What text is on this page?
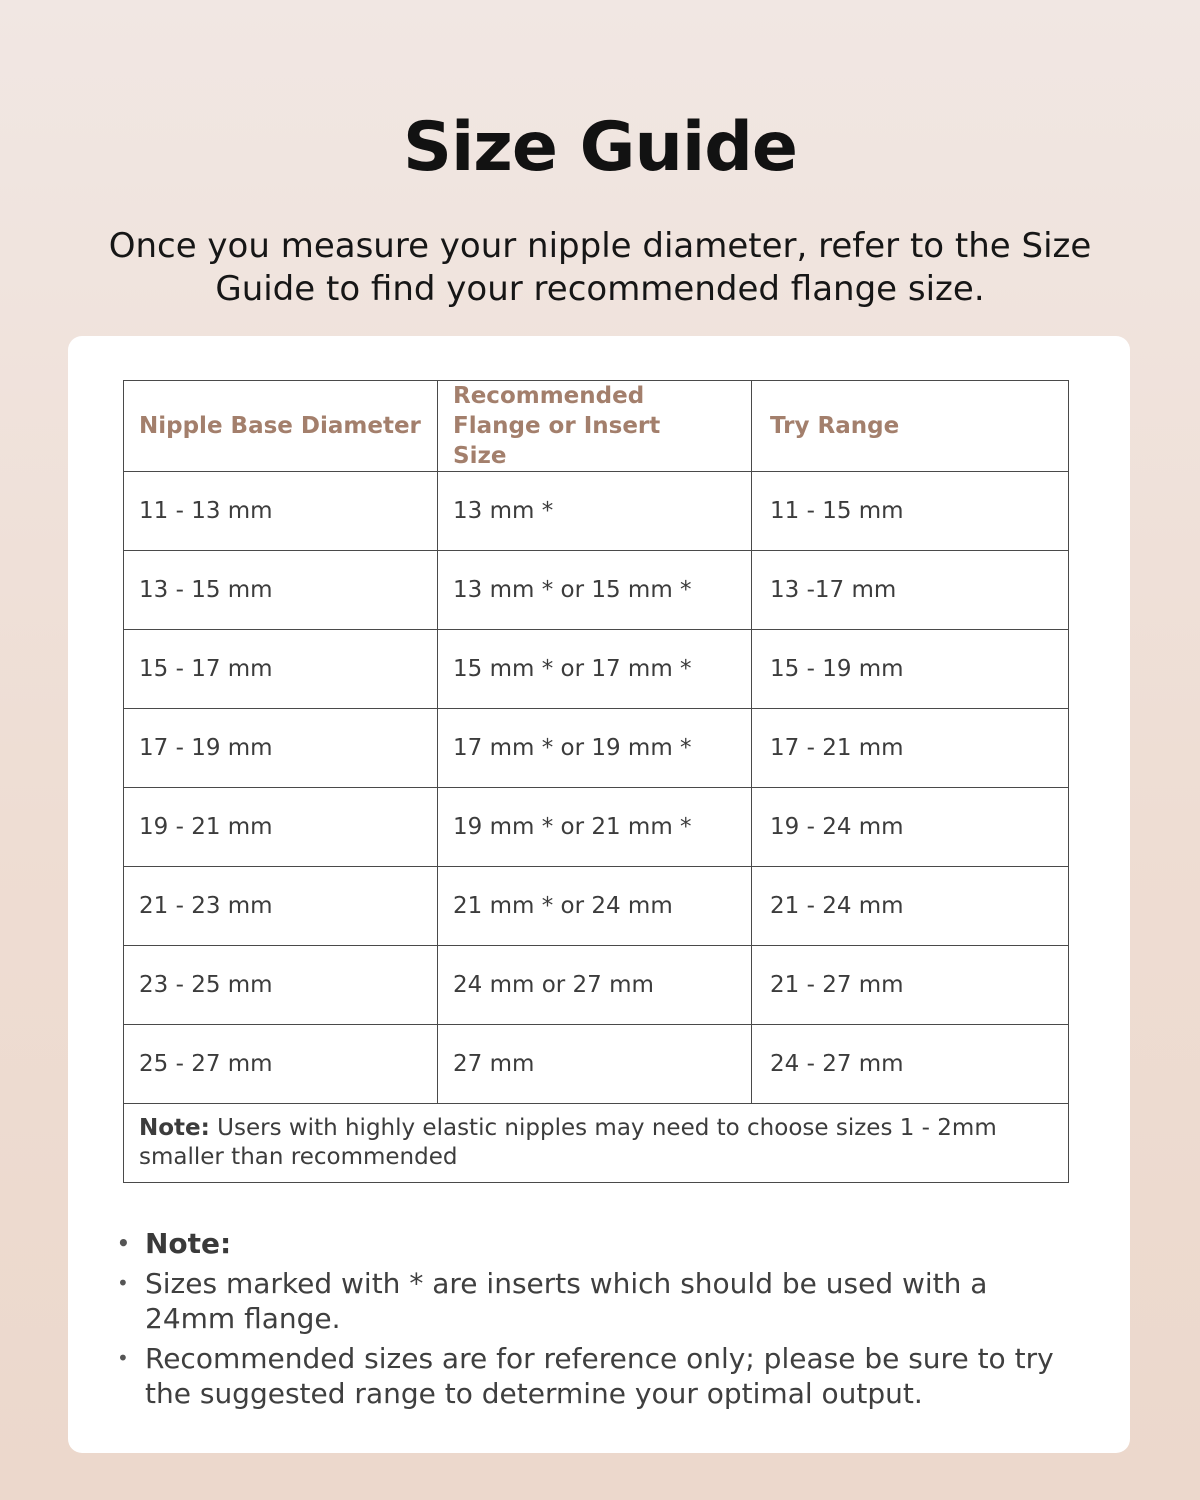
Size Guide

Once you measure your nipple diameter, refer to the Size Guide to find your recommended flange size.

Nipple Base Diameter	Recommended Flange or Insert Size	Try Range
11 - 13 mm	13 mm *	11 - 15 mm
13 - 15 mm	13 mm * or 15 mm *	13 -17 mm
15 - 17 mm	15 mm * or 17 mm *	15 - 19 mm
17 - 19 mm	17 mm * or 19 mm *	17 - 21 mm
19 - 21 mm	19 mm * or 21 mm *	19 - 24 mm
21 - 23 mm	21 mm * or 24 mm	21 - 24 mm
23 - 25 mm	24 mm or 27 mm	21 - 27 mm
25 - 27 mm	27 mm	24 - 27 mm
Note: Users with highly elastic nipples may need to choose sizes 1 - 2mm smaller than recommended		
• Note:
• Sizes marked with * are inserts which should be used with a 24mm flange.
• Recommended sizes are for reference only; please be sure to try the suggested range to determine your optimal output.
